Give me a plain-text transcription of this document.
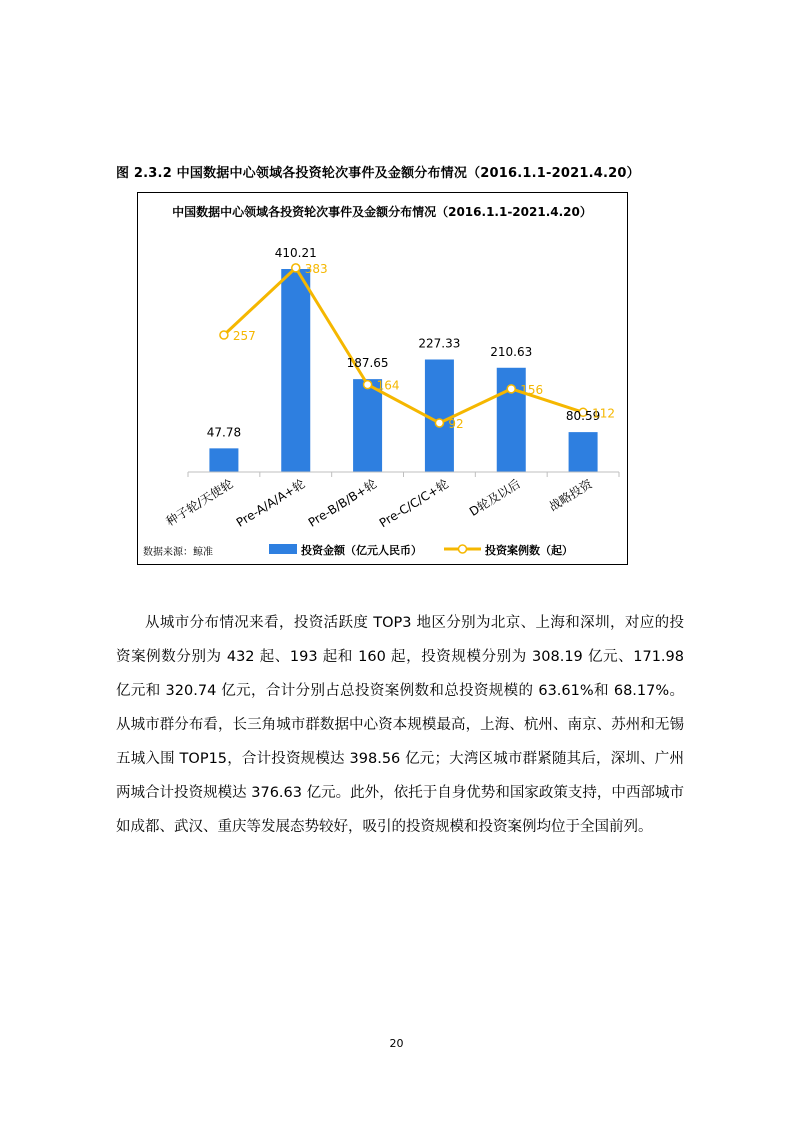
图 2.3.2 中国数据中心领域各投资轮次事件及金额分布情况（2016.1.1-2021.4.20）
中国数据中心领域各投资轮次事件及金额分布情况（2016.1.1-2021.4.20）
47.78
410.21
187.65
227.33
210.63
80.59
257
383
164
92
156
112
种子轮/天使轮
Pre-A/A/A+轮
Pre-B/B/B+轮
Pre-C/C/C+轮 D轮及以后 战略投资
数据来源：鲸准	投资金额（亿元人民币）	投资案例数（起）
从城市分布情况来看，投资活跃度 TOP3 地区分别为北京、上海和深圳，对应的投资案例数分别为 432 起、193 起和 160 起，投资规模分别为 308.19 亿元、171.98 亿元和 320.74 亿元，合计分别占总投资案例数和总投资规模的 63.61%和 68.17%。从城市群分布看，长三角城市群数据中心资本规模最高，上海、杭州、南京、苏州和无锡五城入围 TOP15，合计投资规模达 398.56 亿元；大湾区城市群紧随其后，深圳、广州两城合计投资规模达 376.63 亿元。此外，依托于自身优势和国家政策支持，中西部城市如成都、武汉、重庆等发展态势较好，吸引的投资规模和投资案例均位于全国前列。
20
